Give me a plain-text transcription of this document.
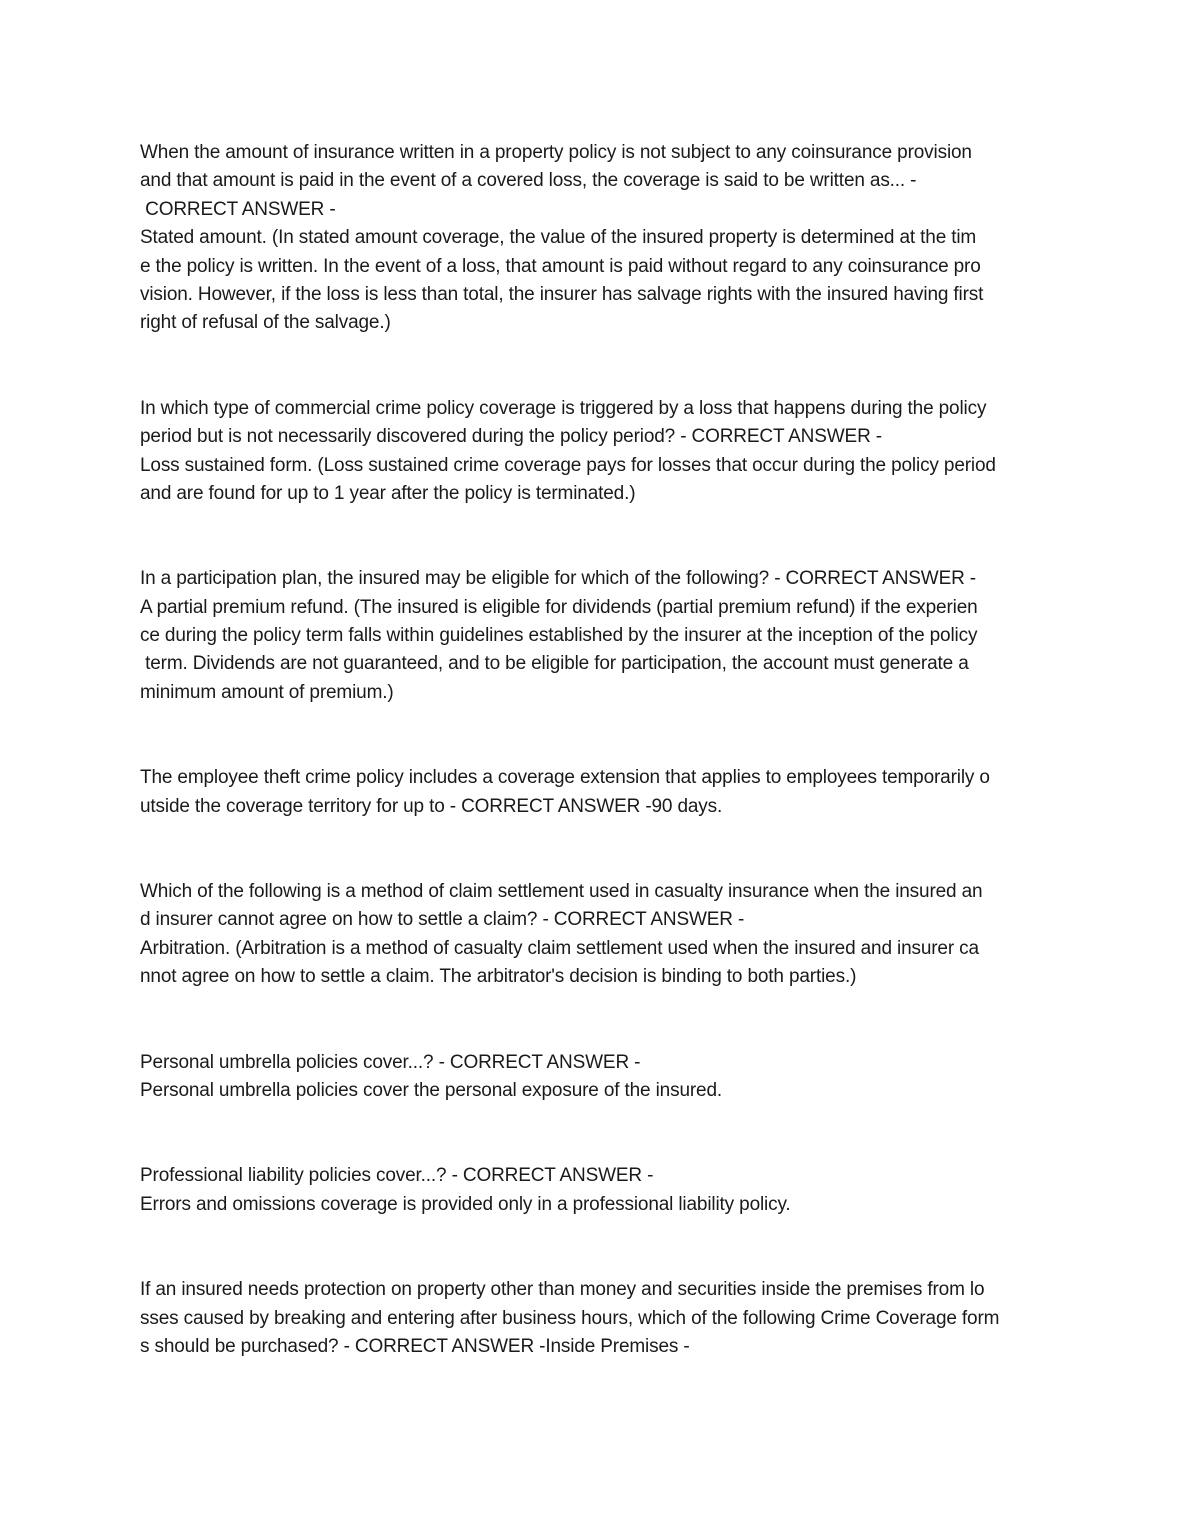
When the amount of insurance written in a property policy is not subject to any coinsurance provision
and that amount is paid in the event of a covered loss, the coverage is said to be written as... -
CORRECT ANSWER -
Stated amount. (In stated amount coverage, the value of the insured property is determined at the tim
e the policy is written. In the event of a loss, that amount is paid without regard to any coinsurance pro
vision. However, if the loss is less than total, the insurer has salvage rights with the insured having first
right of refusal of the salvage.)
In which type of commercial crime policy coverage is triggered by a loss that happens during the policy
period but is not necessarily discovered during the policy period? - CORRECT ANSWER -
Loss sustained form. (Loss sustained crime coverage pays for losses that occur during the policy period
and are found for up to 1 year after the policy is terminated.)
In a participation plan, the insured may be eligible for which of the following? - CORRECT ANSWER -
A partial premium refund. (The insured is eligible for dividends (partial premium refund) if the experien
ce during the policy term falls within guidelines established by the insurer at the inception of the policy
term. Dividends are not guaranteed, and to be eligible for participation, the account must generate a
minimum amount of premium.)
The employee theft crime policy includes a coverage extension that applies to employees temporarily o
utside the coverage territory for up to - CORRECT ANSWER -90 days.
Which of the following is a method of claim settlement used in casualty insurance when the insured an
d insurer cannot agree on how to settle a claim? - CORRECT ANSWER -
Arbitration. (Arbitration is a method of casualty claim settlement used when the insured and insurer ca
nnot agree on how to settle a claim. The arbitrator's decision is binding to both parties.)
Personal umbrella policies cover...? - CORRECT ANSWER -
Personal umbrella policies cover the personal exposure of the insured.
Professional liability policies cover...? - CORRECT ANSWER -
Errors and omissions coverage is provided only in a professional liability policy.
If an insured needs protection on property other than money and securities inside the premises from lo
sses caused by breaking and entering after business hours, which of the following Crime Coverage form
s should be purchased? - CORRECT ANSWER -Inside Premises -
